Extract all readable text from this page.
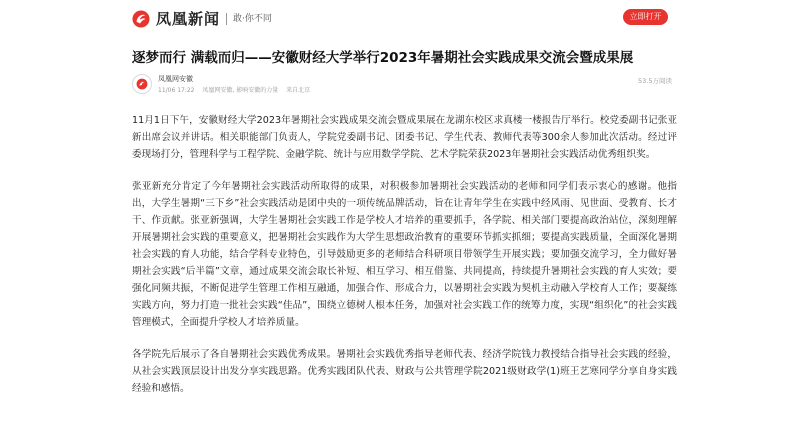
凤凰新闻	敢·你不同	立即打开
逐梦而行 满载而归——安徽财经大学举行2023年暑期社会实践成果交流会暨成果展
凤凰网安徽
11/06 17:22 凤凰网安徽, 影响安徽的力量 来自北京
53.5万阅读

11月1日下午，安徽财经大学2023年暑期社会实践成果交流会暨成果展在龙湖东校区求真楼一楼报告厅举行。校党委副书记张亚新出席会议并讲话。相关职能部门负责人，学院党委副书记、团委书记、学生代表、教师代表等300余人参加此次活动。经过评委现场打分，管理科学与工程学院、金融学院、统计与应用数学学院、艺术学院荣获2023年暑期社会实践活动优秀组织奖。

张亚新充分肯定了今年暑期社会实践活动所取得的成果，对积极参加暑期社会实践活动的老师和同学们表示衷心的感谢。他指出，大学生暑期“三下乡”社会实践活动是团中央的一项传统品牌活动，旨在让青年学生在实践中经风雨、见世面、受教育、长才干、作贡献。张亚新强调，大学生暑期社会实践工作是学校人才培养的重要抓手，各学院、相关部门要提高政治站位，深刻理解开展暑期社会实践的重要意义，把暑期社会实践作为大学生思想政治教育的重要环节抓实抓细；要提高实践质量，全面深化暑期社会实践的育人功能，结合学科专业特色，引导鼓励更多的老师结合科研项目带领学生开展实践；要加强交流学习，全力做好暑期社会实践“后半篇”文章，通过成果交流会取长补短、相互学习、相互借鉴、共同提高，持续提升暑期社会实践的育人实效；要强化同频共振，不断促进学生管理工作相互融通，加强合作、形成合力，以暑期社会实践为契机主动融入学校育人工作；要凝练实践方向，努力打造一批社会实践“佳品”，围绕立德树人根本任务，加强对社会实践工作的统筹力度，实现“组织化”的社会实践管理模式，全面提升学校人才培养质量。

各学院先后展示了各自暑期社会实践优秀成果。暑期社会实践优秀指导老师代表、经济学院钱力教授结合指导社会实践的经验，从社会实践顶层设计出发分享实践思路。优秀实践团队代表、财政与公共管理学院2021级财政学(1)班王艺寒同学分享自身实践经验和感悟。
